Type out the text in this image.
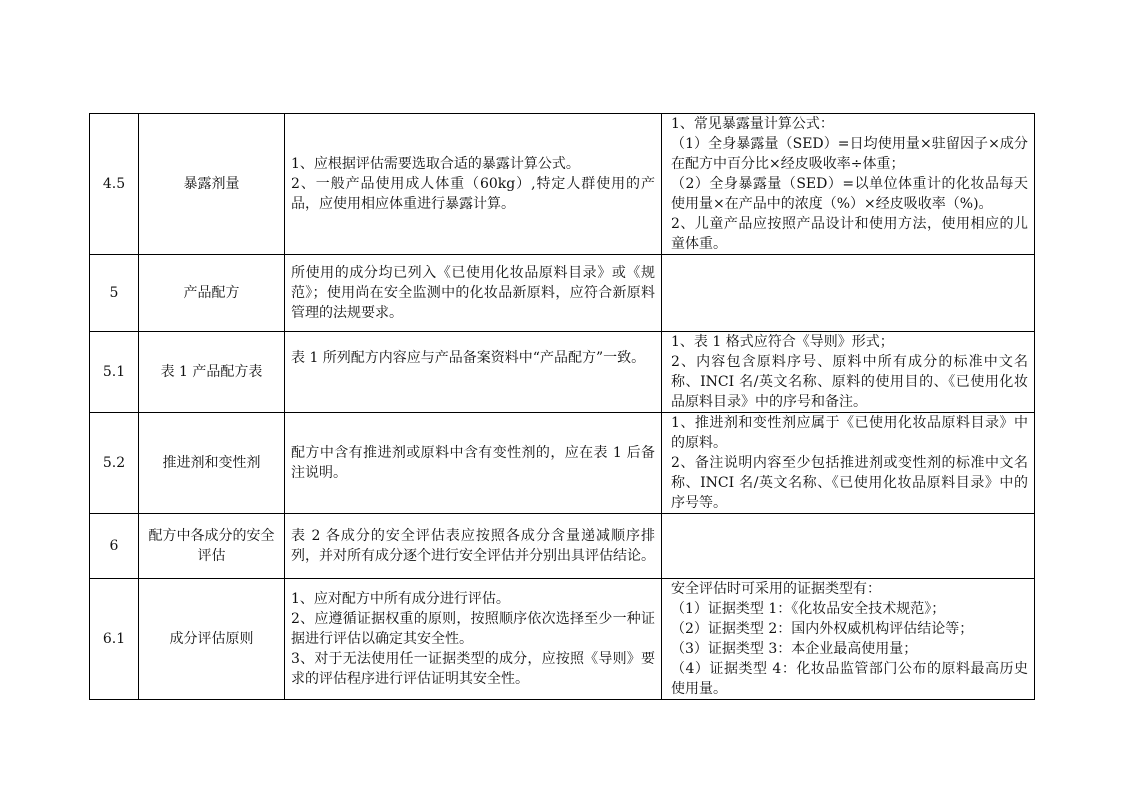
4.5	暴露剂量	1、应根据评估需要选取合适的暴露计算公式。
2、一般产品使用成人体重（60kg）,特定人群使用的产品，应使用相应体重进行暴露计算。	1、常见暴露量计算公式：
（1）全身暴露量（SED）=日均使用量×驻留因子×成分在配方中百分比×经皮吸收率÷体重；
（2）全身暴露量（SED）=以单位体重计的化妆品每天使用量×在产品中的浓度（%）×经皮吸收率（%)。
2、儿童产品应按照产品设计和使用方法，使用相应的儿童体重。

5	产品配方	所使用的成分均已列入《已使用化妆品原料目录》或《规范》；使用尚在安全监测中的化妆品新原料，应符合新原料管理的法规要求。	

5.1	表 1 产品配方表	表 1 所列配方内容应与产品备案资料中“产品配方”一致。	1、表 1 格式应符合《导则》形式；
2、内容包含原料序号、原料中所有成分的标准中文名称、INCI 名/英文名称、原料的使用目的、《已使用化妆品原料目录》中的序号和备注。

5.2	推进剂和变性剂	配方中含有推进剂或原料中含有变性剂的，应在表 1 后备注说明。	1、推进剂和变性剂应属于《已使用化妆品原料目录》中的原料。
2、备注说明内容至少包括推进剂或变性剂的标准中文名称、INCI 名/英文名称、《已使用化妆品原料目录》中的序号等。

6	配方中各成分的安全评估	表 2 各成分的安全评估表应按照各成分含量递减顺序排列，并对所有成分逐个进行安全评估并分别出具评估结论。	

6.1	成分评估原则	1、应对配方中所有成分进行评估。
2、应遵循证据权重的原则，按照顺序依次选择至少一种证据进行评估以确定其安全性。
3、对于无法使用任一证据类型的成分，应按照《导则》要求的评估程序进行评估证明其安全性。	安全评估时可采用的证据类型有：
（1）证据类型 1：《化妆品安全技术规范》；
（2）证据类型 2：国内外权威机构评估结论等；
（3）证据类型 3：本企业最高使用量；
（4）证据类型 4：化妆品监管部门公布的原料最高历史使用量。
